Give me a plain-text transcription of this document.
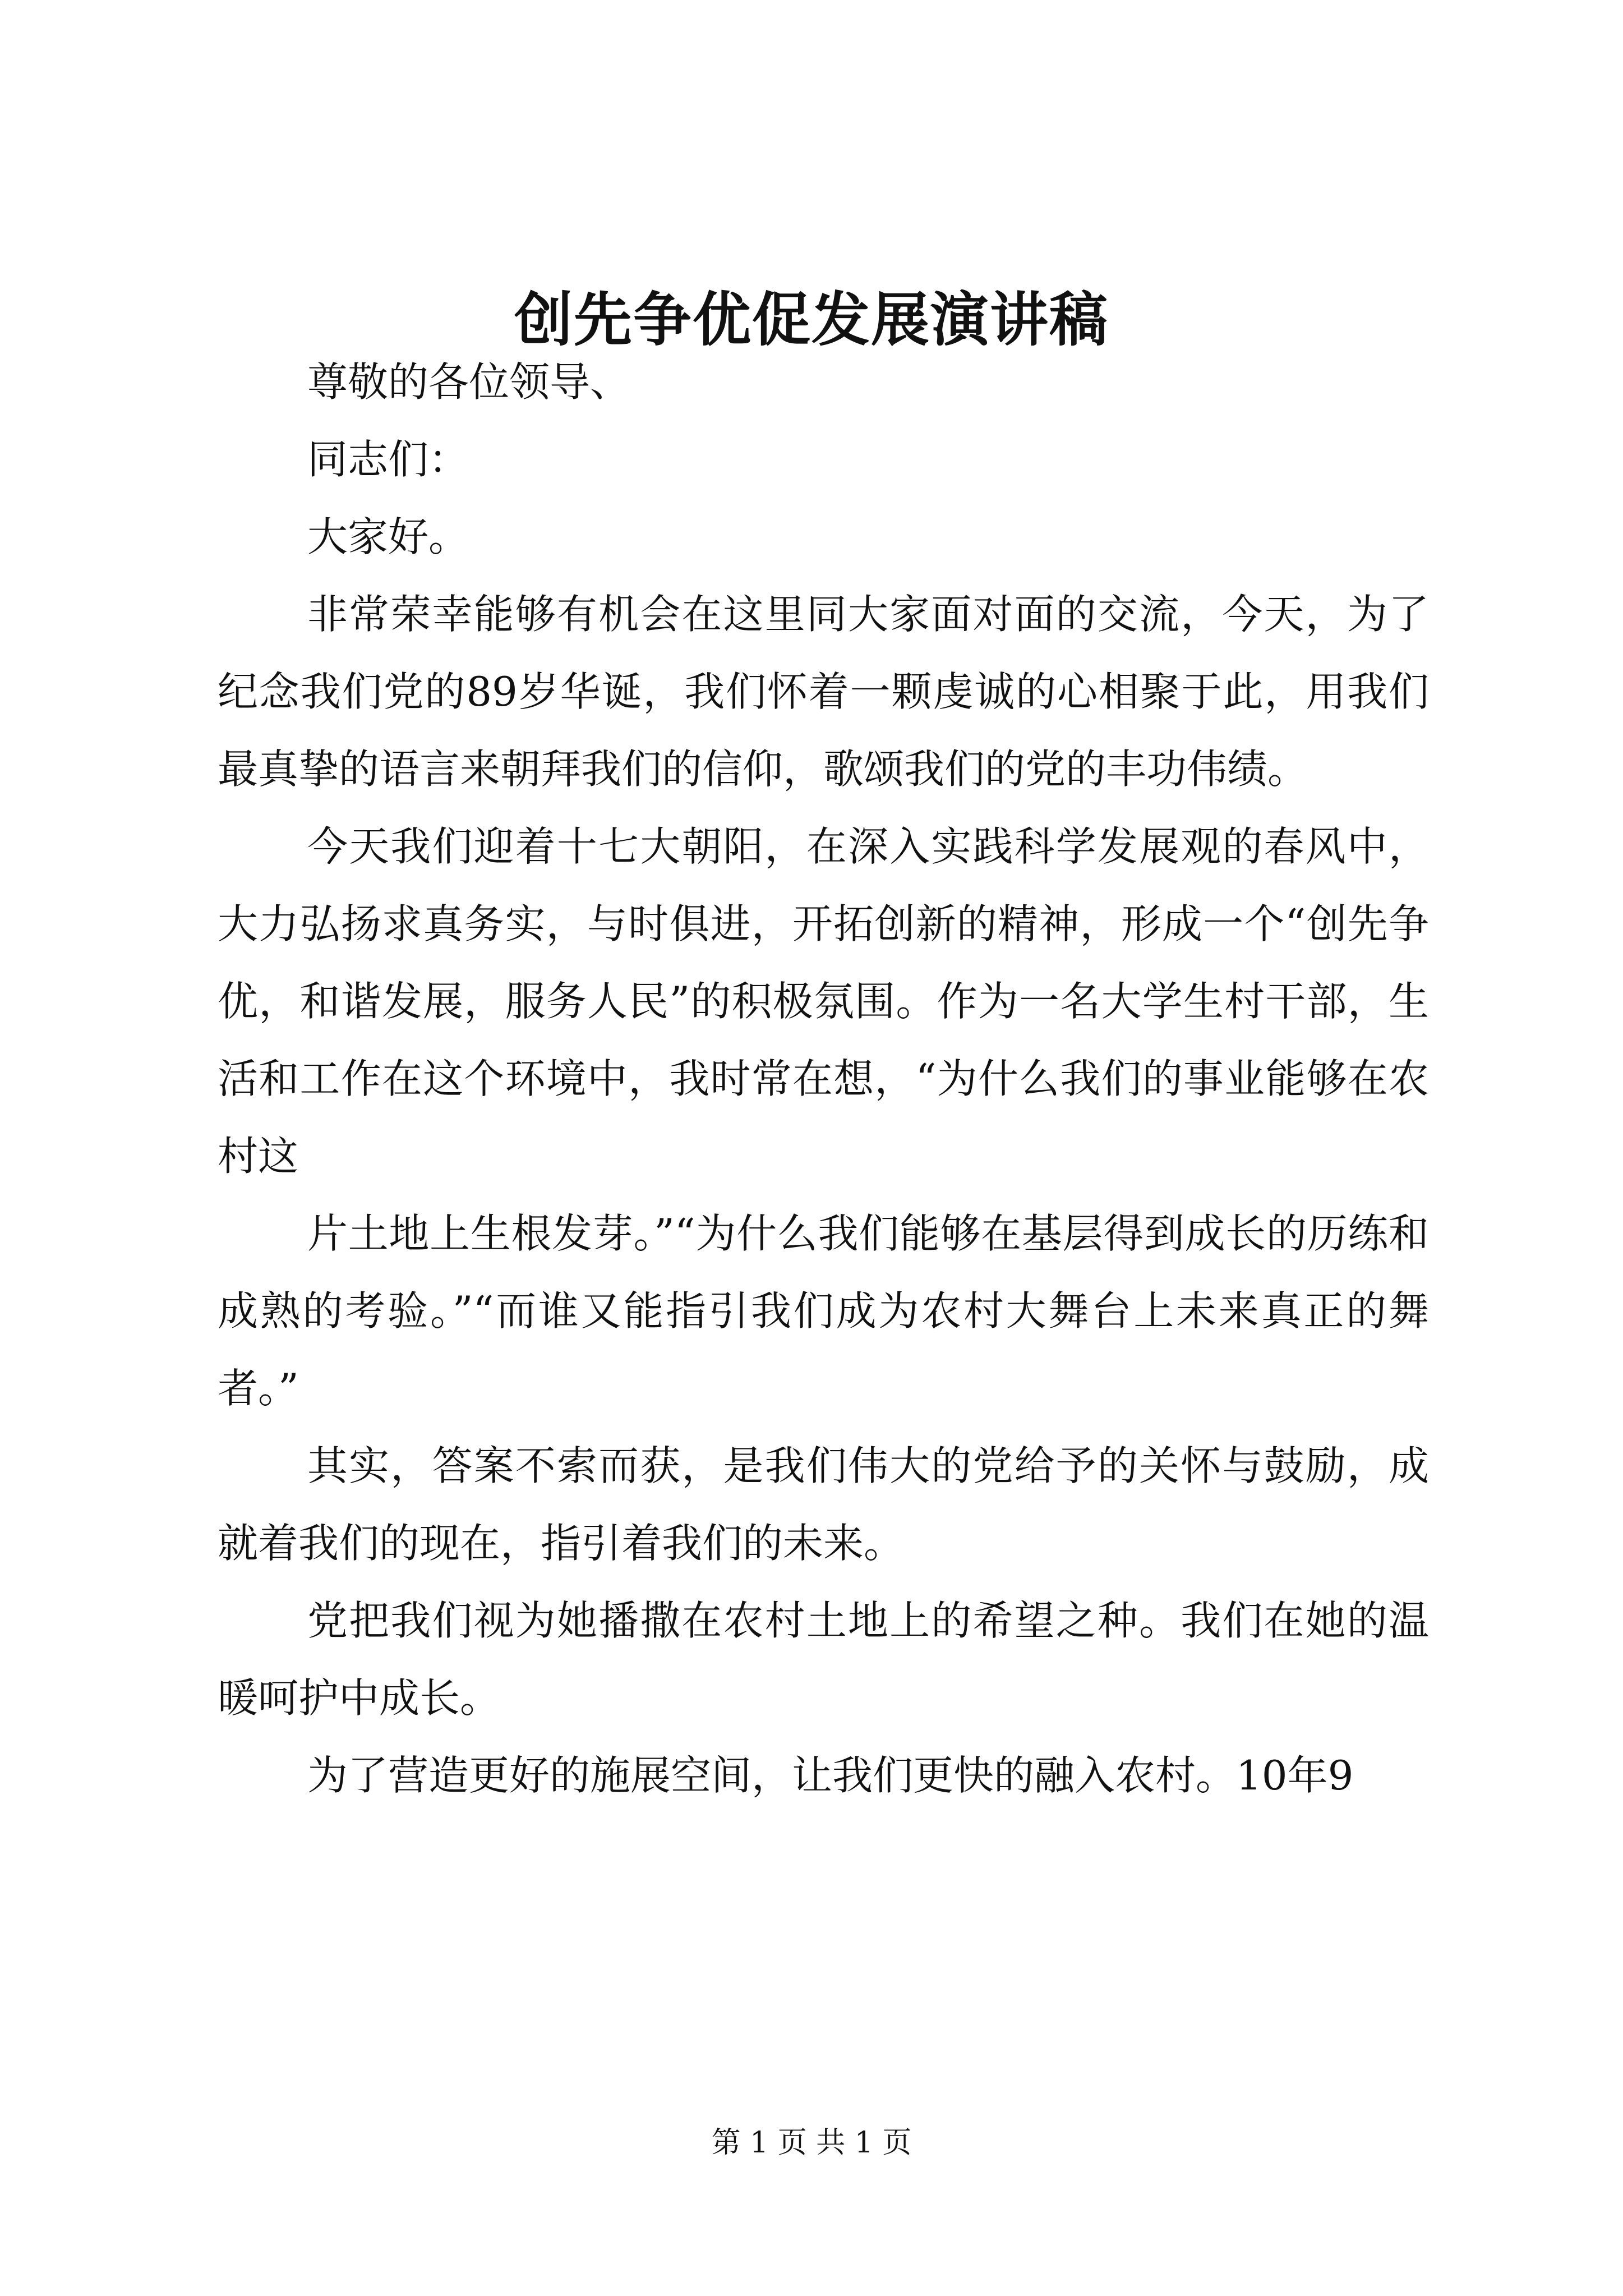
创先争优促发展演讲稿

尊敬的各位领导、

同志们：

大家好。

非常荣幸能够有机会在这里同大家面对面的交流，今天，为了纪念我们党的89岁华诞，我们怀着一颗虔诚的心相聚于此，用我们最真挚的语言来朝拜我们的信仰，歌颂我们的党的丰功伟绩。

今天我们迎着十七大朝阳，在深入实践科学发展观的春风中，大力弘扬求真务实，与时俱进，开拓创新的精神，形成一个“创先争优，和谐发展，服务人民”的积极氛围。作为一名大学生村干部，生活和工作在这个环境中，我时常在想，“为什么我们的事业能够在农村这

片土地上生根发芽。”“为什么我们能够在基层得到成长的历练和成熟的考验。”“而谁又能指引我们成为农村大舞台上未来真正的舞者。”

其实，答案不索而获，是我们伟大的党给予的关怀与鼓励，成就着我们的现在，指引着我们的未来。

党把我们视为她播撒在农村土地上的希望之种。我们在她的温暖呵护中成长。

为了营造更好的施展空间，让我们更快的融入农村。10年9

第 1 页 共 1 页
